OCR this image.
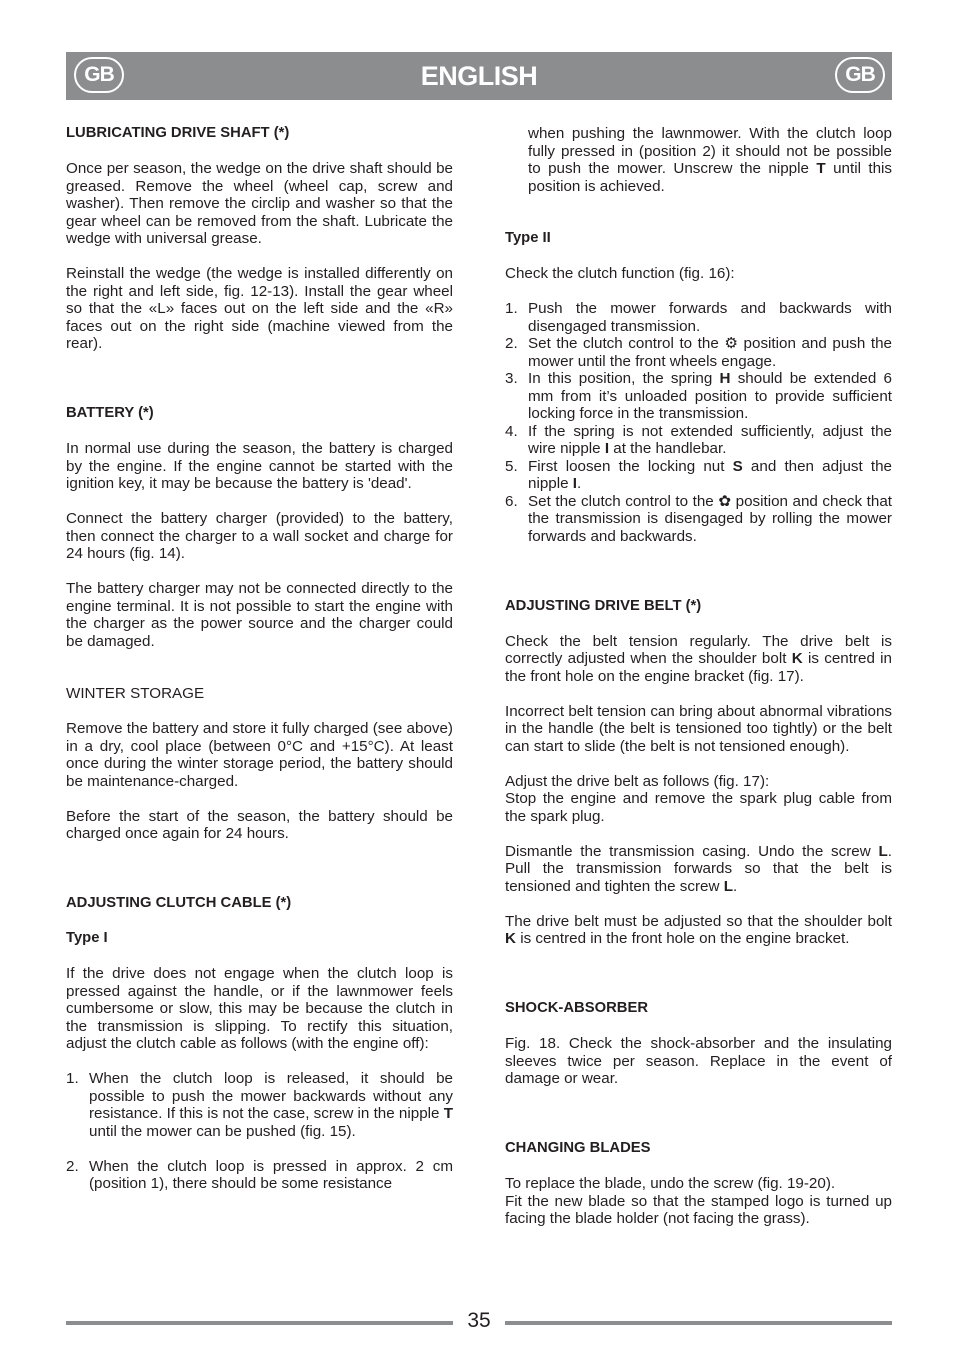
GB	ENGLISH	GB
LUBRICATING DRIVE SHAFT (*)

Once per season, the wedge on the drive shaft should be greased. Remove the wheel (wheel cap, screw and washer). Then remove the circlip and washer so that the gear wheel can be removed from the shaft. Lubricate the wedge with universal grease.

Reinstall the wedge (the wedge is installed differently on the right and left side, fig. 12-13). Install the gear wheel so that the «L» faces out on the left side and the «R» faces out on the right side (machine viewed from the rear).

BATTERY (*)

In normal use during the season, the battery is charged by the engine. If the engine cannot be started with the ignition key, it may be because the battery is 'dead'.

Connect the battery charger (provided) to the battery, then connect the charger to a wall socket and charge for 24 hours (fig. 14).

The battery charger may not be connected directly to the engine terminal. It is not possible to start the engine with the charger as the power source and the charger could be damaged.

WINTER STORAGE

Remove the battery and store it fully charged (see above) in a dry, cool place (between 0°C and +15°C). At least once during the winter storage period, the battery should be maintenance-charged.

Before the start of the season, the battery should be charged once again for 24 hours.

ADJUSTING CLUTCH CABLE (*)
Type I

If the drive does not engage when the clutch loop is pressed against the handle, or if the lawnmower feels cumbersome or slow, this may be because the clutch in the transmission is slipping. To rectify this situation, adjust the clutch cable as follows (with the engine off):

1. When the clutch loop is released, it should be possible to push the mower backwards without any resistance. If this is not the case, screw in the nipple T until the mower can be pushed (fig. 15).
2. When the clutch loop is pressed in approx. 2 cm (position 1), there should be some resistance

when pushing the lawnmower. With the clutch loop fully pressed in (position 2) it should not be possible to push the mower. Unscrew the nipple T until this position is achieved.

Type II

Check the clutch function (fig. 16):

1. Push the mower forwards and backwards with disengaged transmission.
2. Set the clutch control to the ⚙ position and push the mower until the front wheels engage.
3. In this position, the spring H should be extended 6 mm from it’s unloaded position to provide sufficient locking force in the transmission.
4. If the spring is not extended sufficiently, adjust the wire nipple I at the handlebar.
5. First loosen the locking nut S and then adjust the nipple I.
6. Set the clutch control to the ✿ position and check that the transmission is disengaged by rolling the mower forwards and backwards.
ADJUSTING DRIVE BELT (*)

Check the belt tension regularly. The drive belt is correctly adjusted when the shoulder bolt K is centred in the front hole on the engine bracket (fig. 17).

Incorrect belt tension can bring about abnormal vibrations in the handle (the belt is tensioned too tightly) or the belt can start to slide (the belt is not tensioned enough).

Adjust the drive belt as follows (fig. 17):

Stop the engine and remove the spark plug cable from the spark plug.

Dismantle the transmission casing. Undo the screw L. Pull the transmission forwards so that the belt is tensioned and tighten the screw L.

The drive belt must be adjusted so that the shoulder bolt K is centred in the front hole on the engine bracket.

SHOCK-ABSORBER

Fig. 18. Check the shock-absorber and the insulating sleeves twice per season. Replace in the event of damage or wear.

CHANGING BLADES

To replace the blade, undo the screw (fig. 19-20).

Fit the new blade so that the stamped logo is turned up facing the blade holder (not facing the grass).

35
